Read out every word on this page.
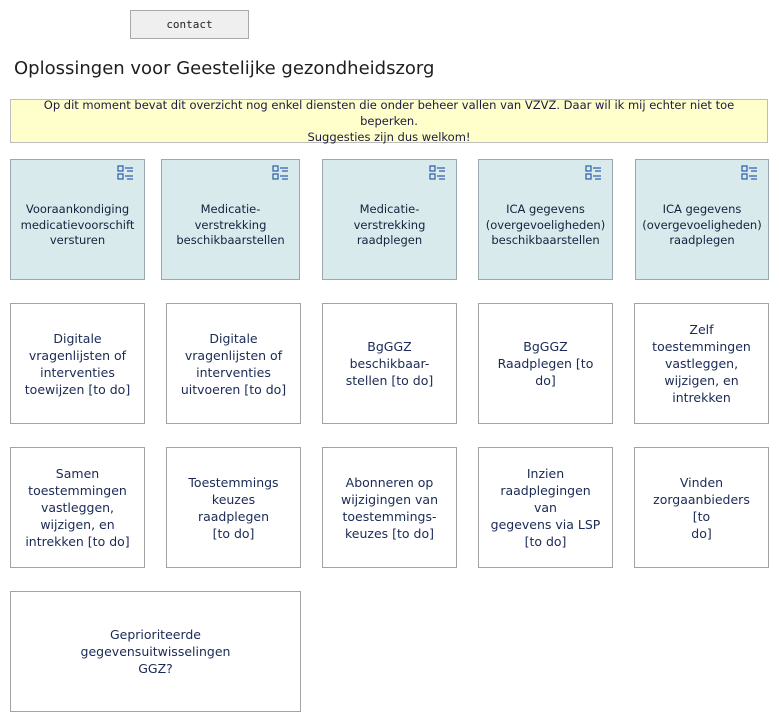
contact
Oplossingen voor Geestelijke gezondheidszorg
Op dit moment bevat dit overzicht nog enkel diensten die onder beheer vallen van VZVZ. Daar wil ik mij echter niet toe beperken.
Suggesties zijn dus welkom!
Vooraankondiging
medicatievoorschift
versturen
Medicatie-
verstrekking
beschikbaarstellen
Medicatie-
verstrekking
raadplegen
ICA gegevens
(overgevoeligheden)
beschikbaarstellen
ICA gegevens
(overgevoeligheden)
raadplegen
Digitale
vragenlijsten of
interventies
toewijzen [to do]
Digitale
vragenlijsten of
interventies
uitvoeren [to do]
BgGGZ
beschikbaar-
stellen [to do]
BgGGZ
Raadplegen [to do]
Zelf toestemmingen
vastleggen,
wijzigen, en
intrekken
Samen
toestemmingen
vastleggen,
wijzigen, en
intrekken [to do]
Toestemmings
keuzes raadplegen
[to do]
Abonneren op
wijzigingen van
toestemmings-
keuzes [to do]
Inzien
raadplegingen van
gegevens via LSP
[to do]
Vinden
zorgaanbieders [to
do]
Geprioriteerde
gegevensuitwisselingen
GGZ?
